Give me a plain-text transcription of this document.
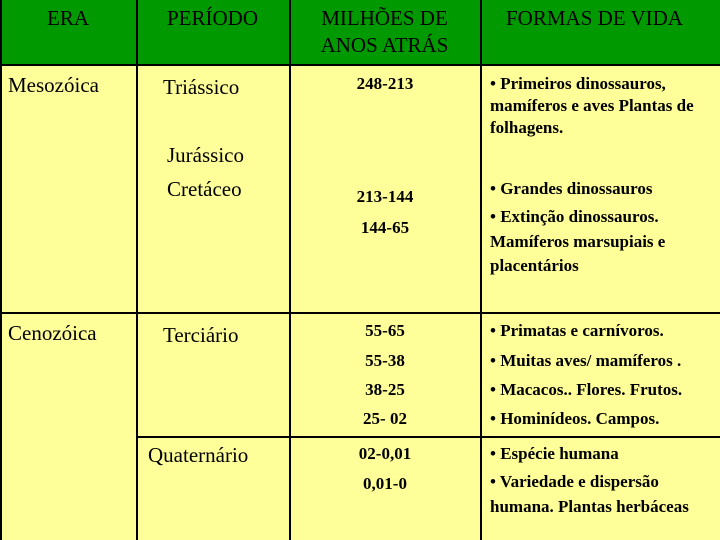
ERA	PERÍODO	MILHÕES DE
ANOS ATRÁS
FORMAS DE VIDA
Mesozóica
Cenozóica
Triássico
Jurássico
Cretáceo
Terciário
Quaternário
248-213
213-144
144-65
55-65
55-38
38-25
25- 02
02-0,01
0,01-0
• Primeiros dinossauros,
mamíferos e aves Plantas de
folhagens.
• Grandes dinossauros
• Extinção dinossauros.
Mamíferos marsupiais e
placentários
• Primatas e carnívoros.
• Muitas aves/ mamíferos .
• Macacos.. Flores. Frutos.
• Hominídeos. Campos.
• Espécie humana
• Variedade e dispersão
humana. Plantas herbáceas
